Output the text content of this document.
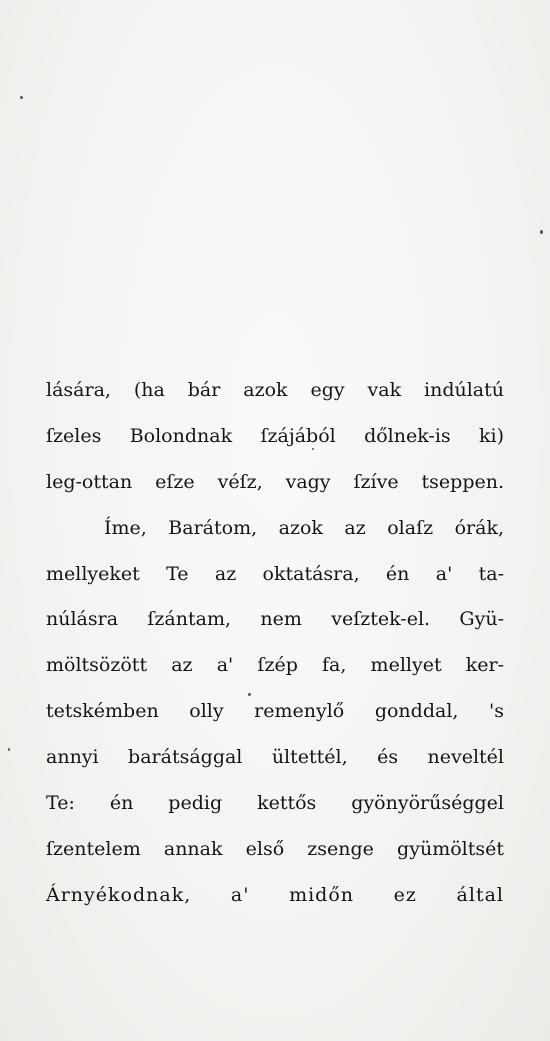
lására, (ha bár azok egy vak indúlatú
ſzeles Bolondnak ſzájából dőlnek-is ki)
leg-ottan eſze véſz, vagy ſzíve tseppen.
Íme, Barátom, azok az olaſz órák,
mellyeket Te az oktatásra, én a' ta-
núlásra ſzántam, nem veſztek-el. Gyü-
möltsözött az a' ſzép fa, mellyet ker-
tetskémben olly remenylő gonddal, 's
annyi barátsággal ültettél, és neveltél
Te: én pedig kettős gyönyörűséggel
ſzentelem annak első zsenge gyümöltsét
Árnyékodnak, a' midőn ez által
